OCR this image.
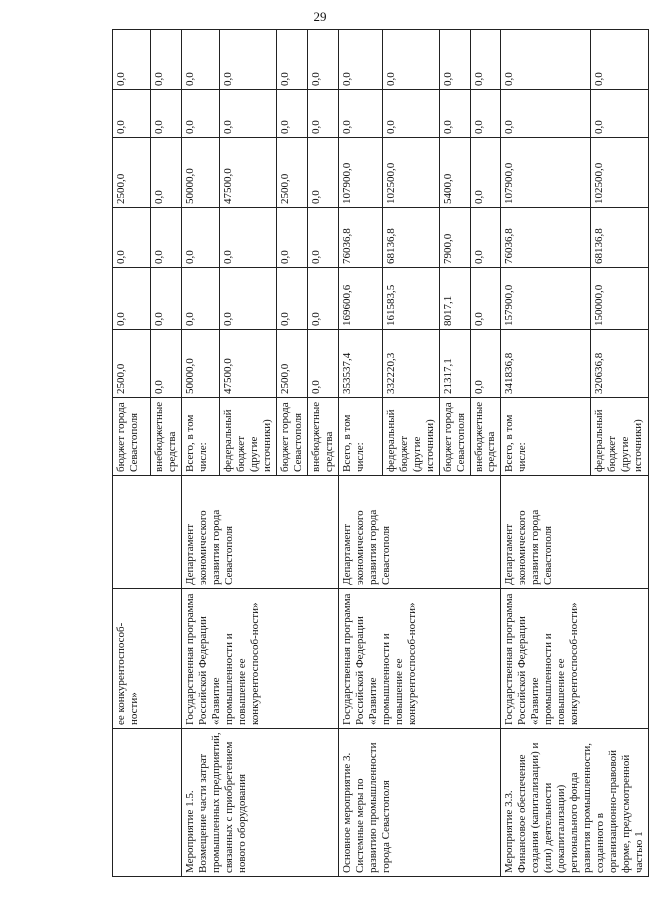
29
	ее конкурентоспособ-ности»		бюджет города Севастополя	2500,0	0,0	0,0	2500,0	0,0	0,0
			внебюджетные средства	0,0	0,0	0,0	0,0	0,0	0,0
Мероприятие 1.5. Возмещение части затрат промышленных предприятий, связанных с приобретением нового оборудования	Государственная программа Российской Федерации «Развитие промышленности и повышение ее конкурентоспособ-ности»	Департамент экономического развития города Севастополя	Всего, в том числе:	50000,0	0,0	0,0	50000,0	0,0	0,0
			федеральный бюджет (другие источники)	47500,0	0,0	0,0	47500,0	0,0	0,0
			бюджет города Севастополя	2500,0	0,0	0,0	2500,0	0,0	0,0
			внебюджетные средства	0,0	0,0	0,0	0,0	0,0	0,0
Основное мероприятие 3. Системные меры по развитию промышленности города Севастополя	Государственная программа Российской Федерации «Развитие промышленности и повышение ее конкурентоспособ-ности»	Департамент экономического развития города Севастополя	Всего, в том числе:	353537,4	169600,6	76036,8	107900,0	0,0	0,0
			федеральный бюджет (другие источники)	332220,3	161583,5	68136,8	102500,0	0,0	0,0
			бюджет города Севастополя	21317,1	8017,1	7900,0	5400,0	0,0	0,0
			внебюджетные средства	0,0	0,0	0,0	0,0	0,0	0,0
Мероприятие 3.3. Финансовое обеспечение создания (капитализации) и (или) деятельности (докапитализации) регионального фонда развития промышленности, созданного в организационно-правовой форме, предусмотренной частью 1	Государственная программа Российской Федерации «Развитие промышленности и повышение ее конкурентоспособ-ности»	Департамент экономического развития города Севастополя	Всего, в том числе:	341836,8	157900,0	76036,8	107900,0	0,0	0,0
			федеральный бюджет (другие источники)	320636,8	150000,0	68136,8	102500,0	0,0	0,0
